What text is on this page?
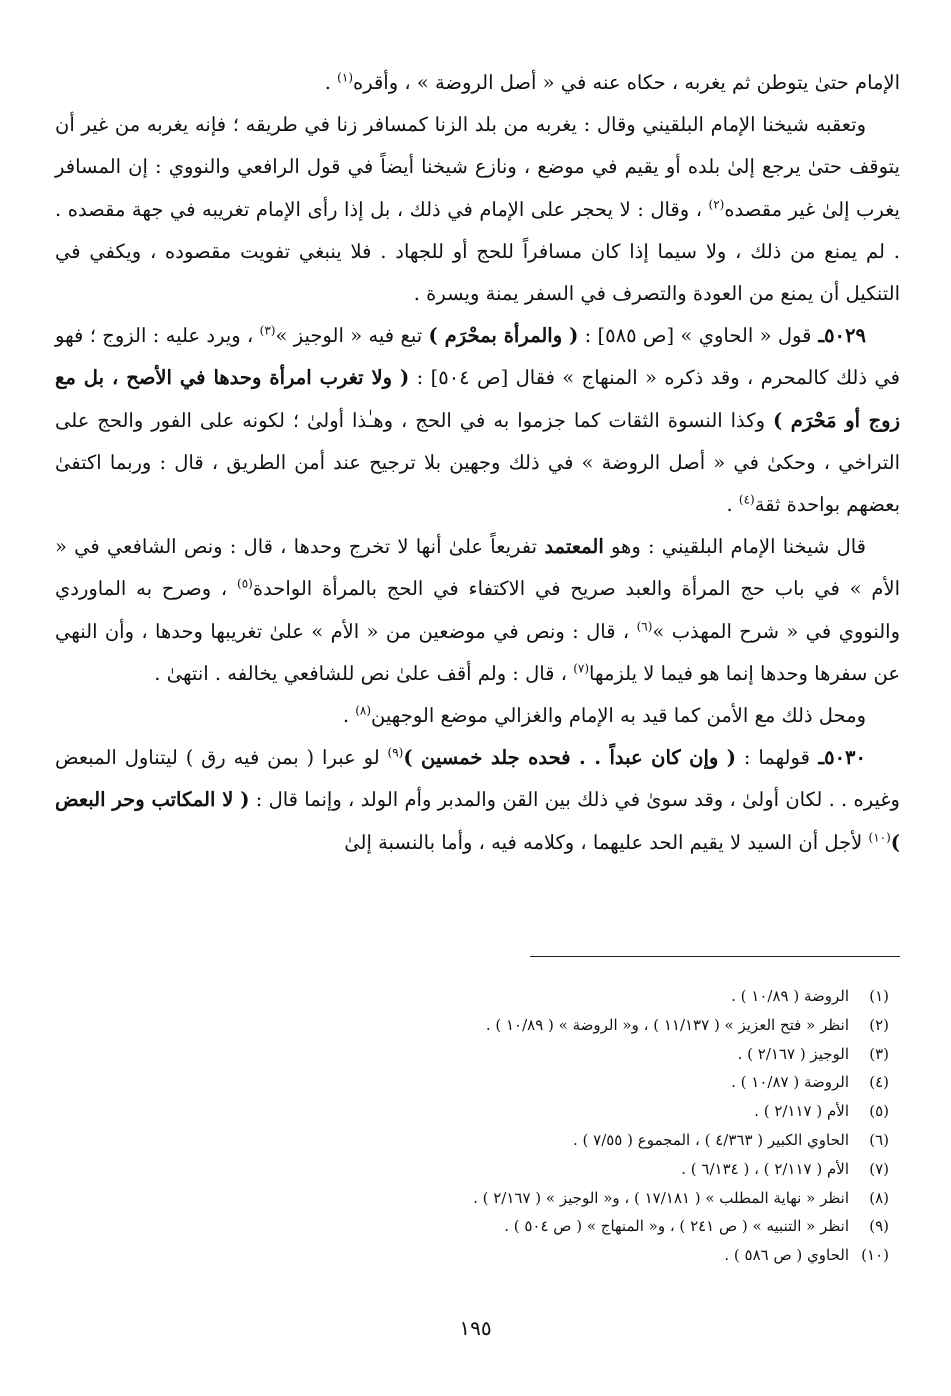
الإمام حتىٰ يتوطن ثم يغربه ، حكاه عنه في « أصل الروضة » ، وأقره$^{(١)}$ .

وتعقبه شيخنا الإمام البلقيني وقال : يغربه من بلد الزنا كمسافر زنا في طريقه ؛ فإنه يغربه من غير أن يتوقف حتىٰ يرجع إلىٰ بلده أو يقيم في موضع ، ونازع شيخنا أيضاً في قول الرافعي والنووي : إن المسافر يغرب إلىٰ غير مقصده$^{(٢)}$ ، وقال : لا يحجر على الإمام في ذلك ، بل إذا رأى الإمام تغريبه في جهة مقصده . . لم يمنع من ذلك ، ولا سيما إذا كان مسافراً للحج أو للجهاد . فلا ينبغي تفويت مقصوده ، ويكفي في التنكيل أن يمنع من العودة والتصرف في السفر يمنة ويسرة .

٥٠٢٩ـ قول « الحاوي » [ص ٥٨٥] : ( والمرأة بمحْرَم ) تبع فيه « الوجيز »$^{(٣)}$ ، ويرد عليه : الزوج ؛ فهو في ذلك كالمحرم ، وقد ذكره « المنهاج » فقال [ص ٥٠٤] : ( ولا تغرب امرأة وحدها في الأصح ، بل مع زوج أو مَحْرَم ) وكذا النسوة الثقات كما جزموا به في الحج ، وهـٰذا أولىٰ ؛ لكونه على الفور والحج على التراخي ، وحكىٰ في « أصل الروضة » في ذلك وجهين بلا ترجيح عند أمن الطريق ، قال : وربما اكتفىٰ بعضهم بواحدة ثقة$^{(٤)}$ .

قال شيخنا الإمام البلقيني : وهو المعتمد تفريعاً علىٰ أنها لا تخرج وحدها ، قال : ونص الشافعي في « الأم » في باب حج المرأة والعبد صريح في الاكتفاء في الحج بالمرأة الواحدة$^{(٥)}$ ، وصرح به الماوردي والنووي في « شرح المهذب »$^{(٦)}$ ، قال : ونص في موضعين من « الأم » علىٰ تغريبها وحدها ، وأن النهي عن سفرها وحدها إنما هو فيما لا يلزمها$^{(٧)}$ ، قال : ولم أقف علىٰ نص للشافعي يخالفه . انتهىٰ .

ومحل ذلك مع الأمن كما قيد به الإمام والغزالي موضع الوجهين$^{(٨)}$ .

٥٠٣٠ـ قولهما : ( وإن كان عبداً . . فحده جلد خمسين )$^{(٩)}$ لو عبرا ( بمن فيه رق ) ليتناول المبعض وغيره . . لكان أولىٰ ، وقد سوىٰ في ذلك بين القن والمدبر وأم الولد ، وإنما قال : ( لا المكاتب وحر البعض )$^{(١٠)}$ لأجل أن السيد لا يقيم الحد عليهما ، وكلامه فيه ، وأما بالنسبة إلىٰ

(١)
الروضة ( ١٠/٨٩ ) .
(٢)
انظر « فتح العزيز » ( ١١/١٣٧ ) ، و« الروضة » ( ١٠/٨٩ ) .
(٣)
الوجيز ( ٢/١٦٧ ) .
(٤)
الروضة ( ١٠/٨٧ ) .
(٥)
الأم ( ٢/١١٧ ) .
(٦)
الحاوي الكبير ( ٤/٣٦٣ ) ، المجموع ( ٧/٥٥ ) .
(٧)
الأم ( ٢/١١٧ ) ، ( ٦/١٣٤ ) .
(٨)
انظر « نهاية المطلب » ( ١٧/١٨١ ) ، و« الوجيز » ( ٢/١٦٧ ) .
(٩)
انظر « التنبيه » ( ص ٢٤١ ) ، و« المنهاج » ( ص ٥٠٤ ) .
(١٠)
الحاوي ( ص ٥٨٦ ) .
١٩٥
